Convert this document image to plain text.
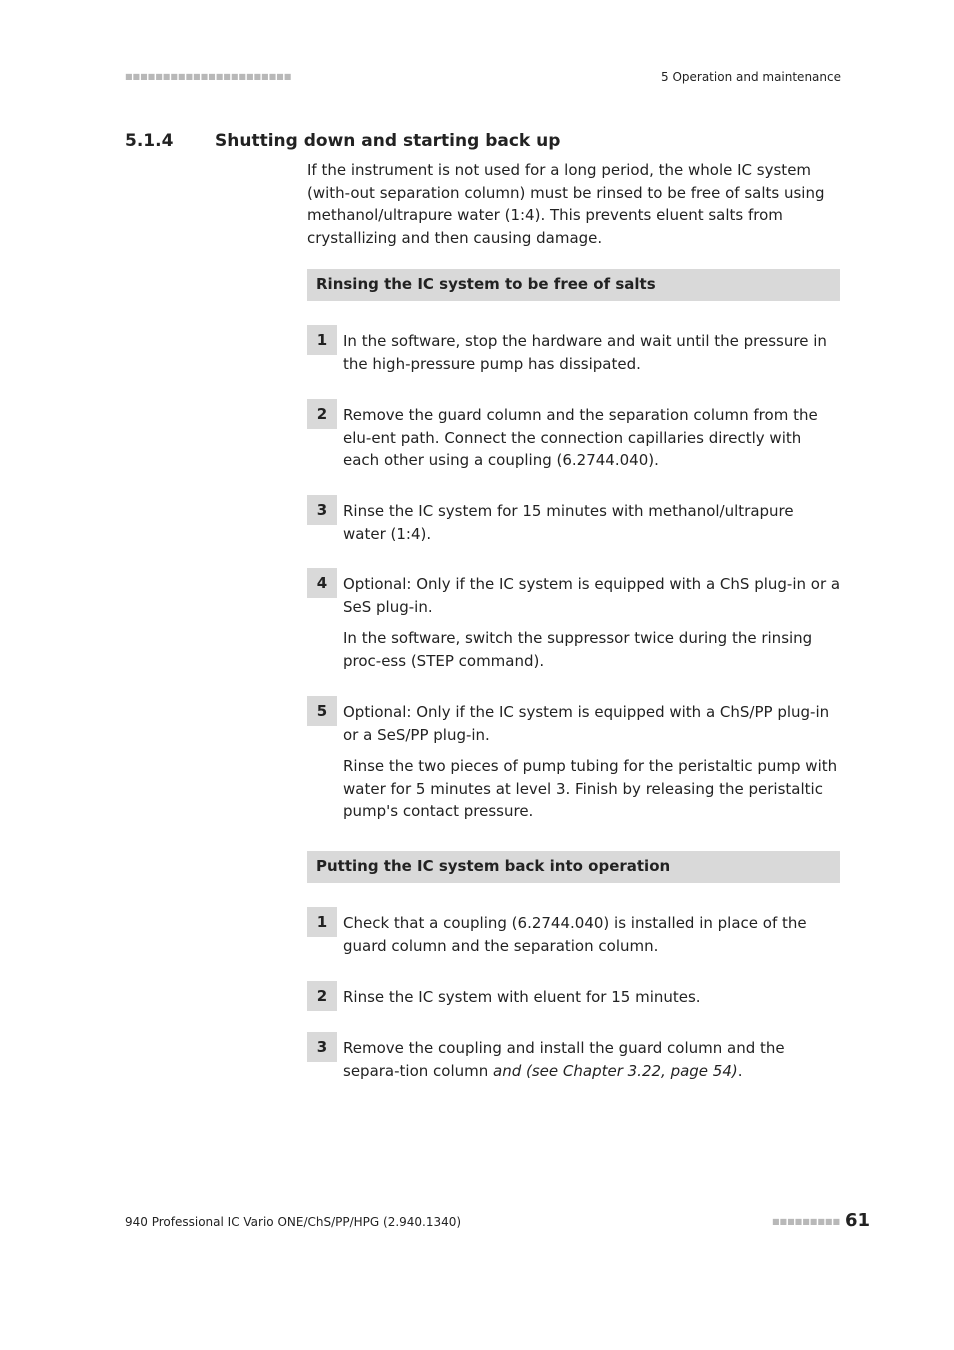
■■■■■■■■■■■■■■■■■■■■■■	5 Operation and maintenance
5.1.4 Shutting down and starting back up

If the instrument is not used for a long period, the whole IC system (with-out separation column) must be rinsed to be free of salts using methanol/ultrapure water (1:4). This prevents eluent salts from crystallizing and then causing damage.

Rinsing the IC system to be free of salts
1	In the software, stop the hardware and wait until the pressure in the high-pressure pump has dissipated.

2	Remove the guard column and the separation column from the elu-ent path. Connect the connection capillaries directly with each other using a coupling (6.2744.040).

3	Rinse the IC system for 15 minutes with methanol/ultrapure water (1:4).

4	Optional: Only if the IC system is equipped with a ChS plug-in or a SeS plug-in.

In the software, switch the suppressor twice during the rinsing proc-ess (STEP command).

5	Optional: Only if the IC system is equipped with a ChS/PP plug-in or a SeS/PP plug-in.

Rinse the two pieces of pump tubing for the peristaltic pump with water for 5 minutes at level 3. Finish by releasing the peristaltic pump's contact pressure.

Putting the IC system back into operation
1	Check that a coupling (6.2744.040) is installed in place of the guard column and the separation column.

2	Rinse the IC system with eluent for 15 minutes.

3	Remove the coupling and install the guard column and the separa-tion column and (see Chapter 3.22, page 54).

940 Professional IC Vario ONE/ChS/PP/HPG (2.940.1340)	■■■■■■■■■ 61
